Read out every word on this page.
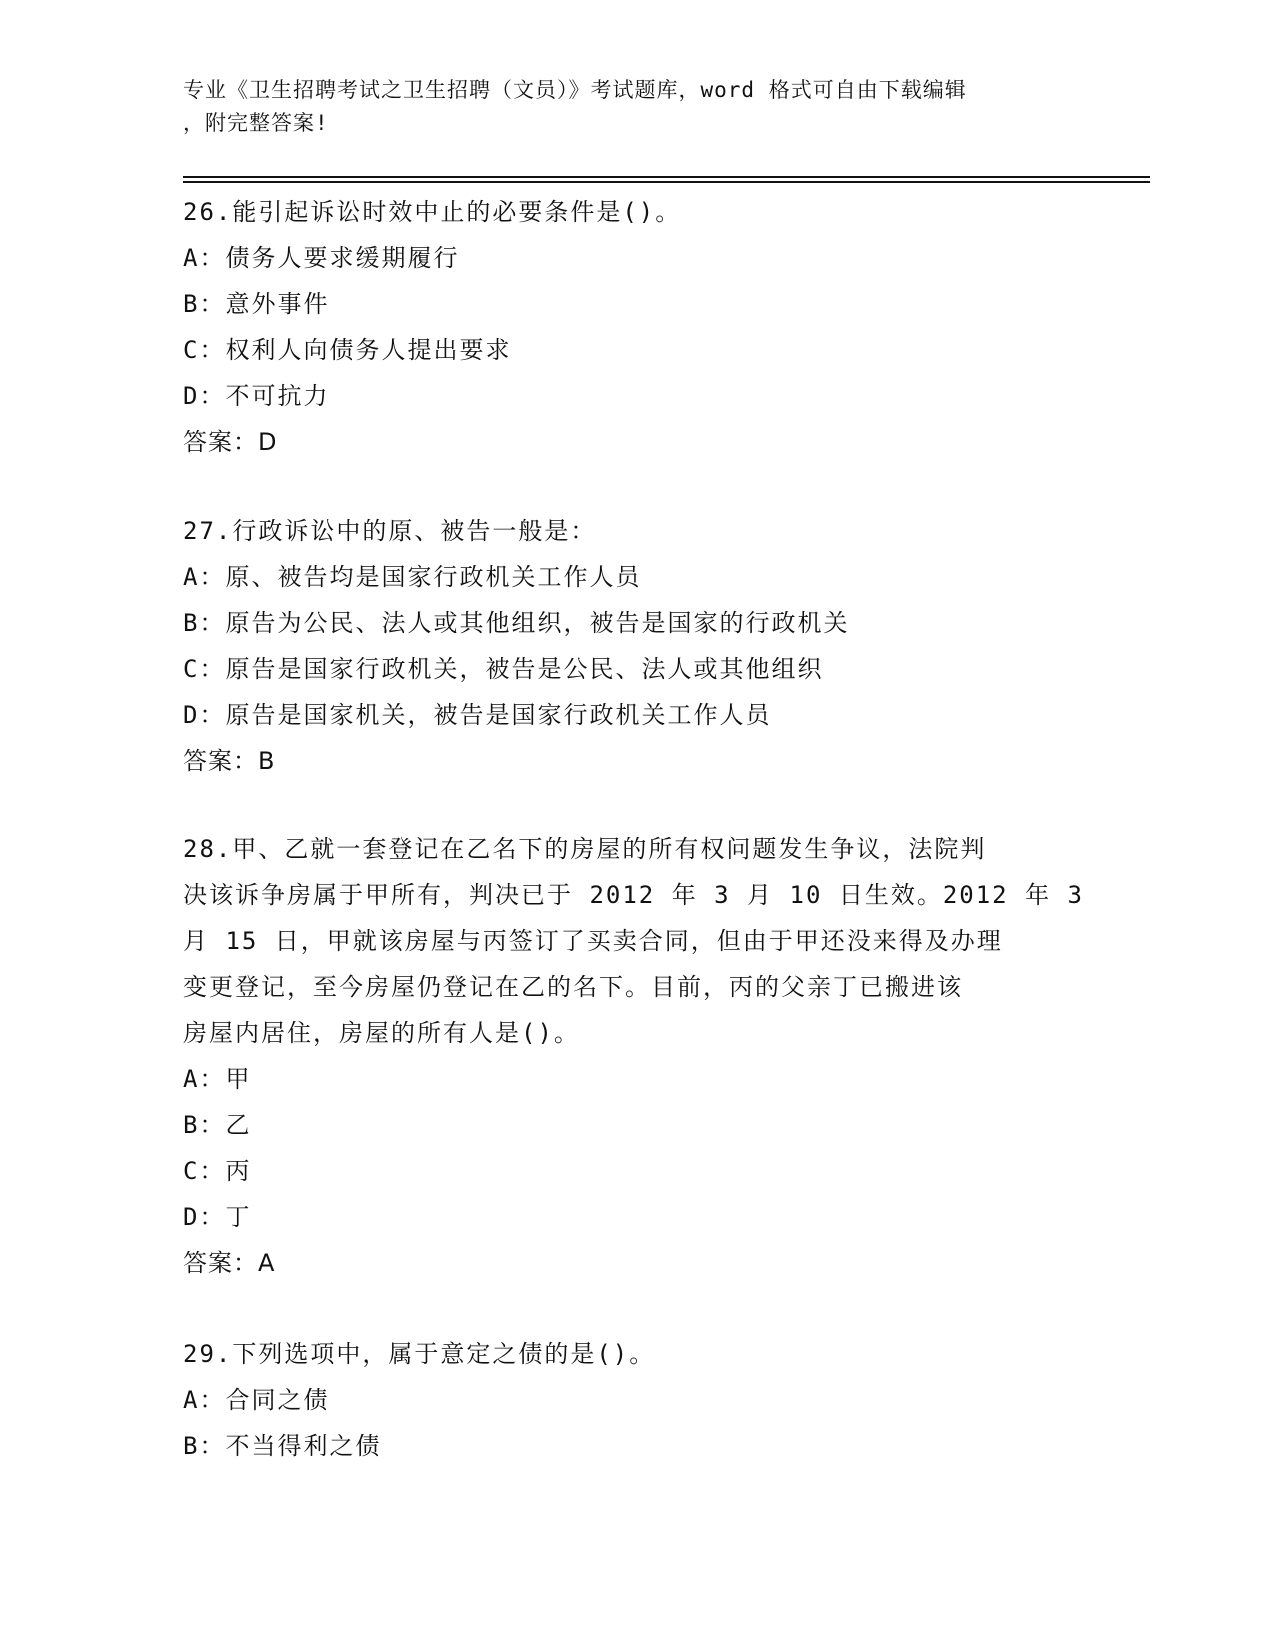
专业《卫生招聘考试之卫生招聘（文员）》考试题库，word 格式可自由下载编辑
，附完整答案!
26.能引起诉讼时效中止的必要条件是()。
A：债务人要求缓期履行
B：意外事件
C：权利人向债务人提出要求
D：不可抗力
答案：D
27.行政诉讼中的原、被告一般是：
A：原、被告均是国家行政机关工作人员
B：原告为公民、法人或其他组织，被告是国家的行政机关
C：原告是国家行政机关，被告是公民、法人或其他组织
D：原告是国家机关，被告是国家行政机关工作人员
答案：B
28.甲、乙就一套登记在乙名下的房屋的所有权问题发生争议，法院判
决该诉争房属于甲所有，判决已于 2012 年 3 月 10 日生效。2012 年 3
月 15 日，甲就该房屋与丙签订了买卖合同，但由于甲还没来得及办理
变更登记，至今房屋仍登记在乙的名下。目前，丙的父亲丁已搬进该
房屋内居住，房屋的所有人是()。
A：甲
B：乙
C：丙
D：丁
答案：A
29.下列选项中，属于意定之债的是()。
A：合同之债
B：不当得利之债
